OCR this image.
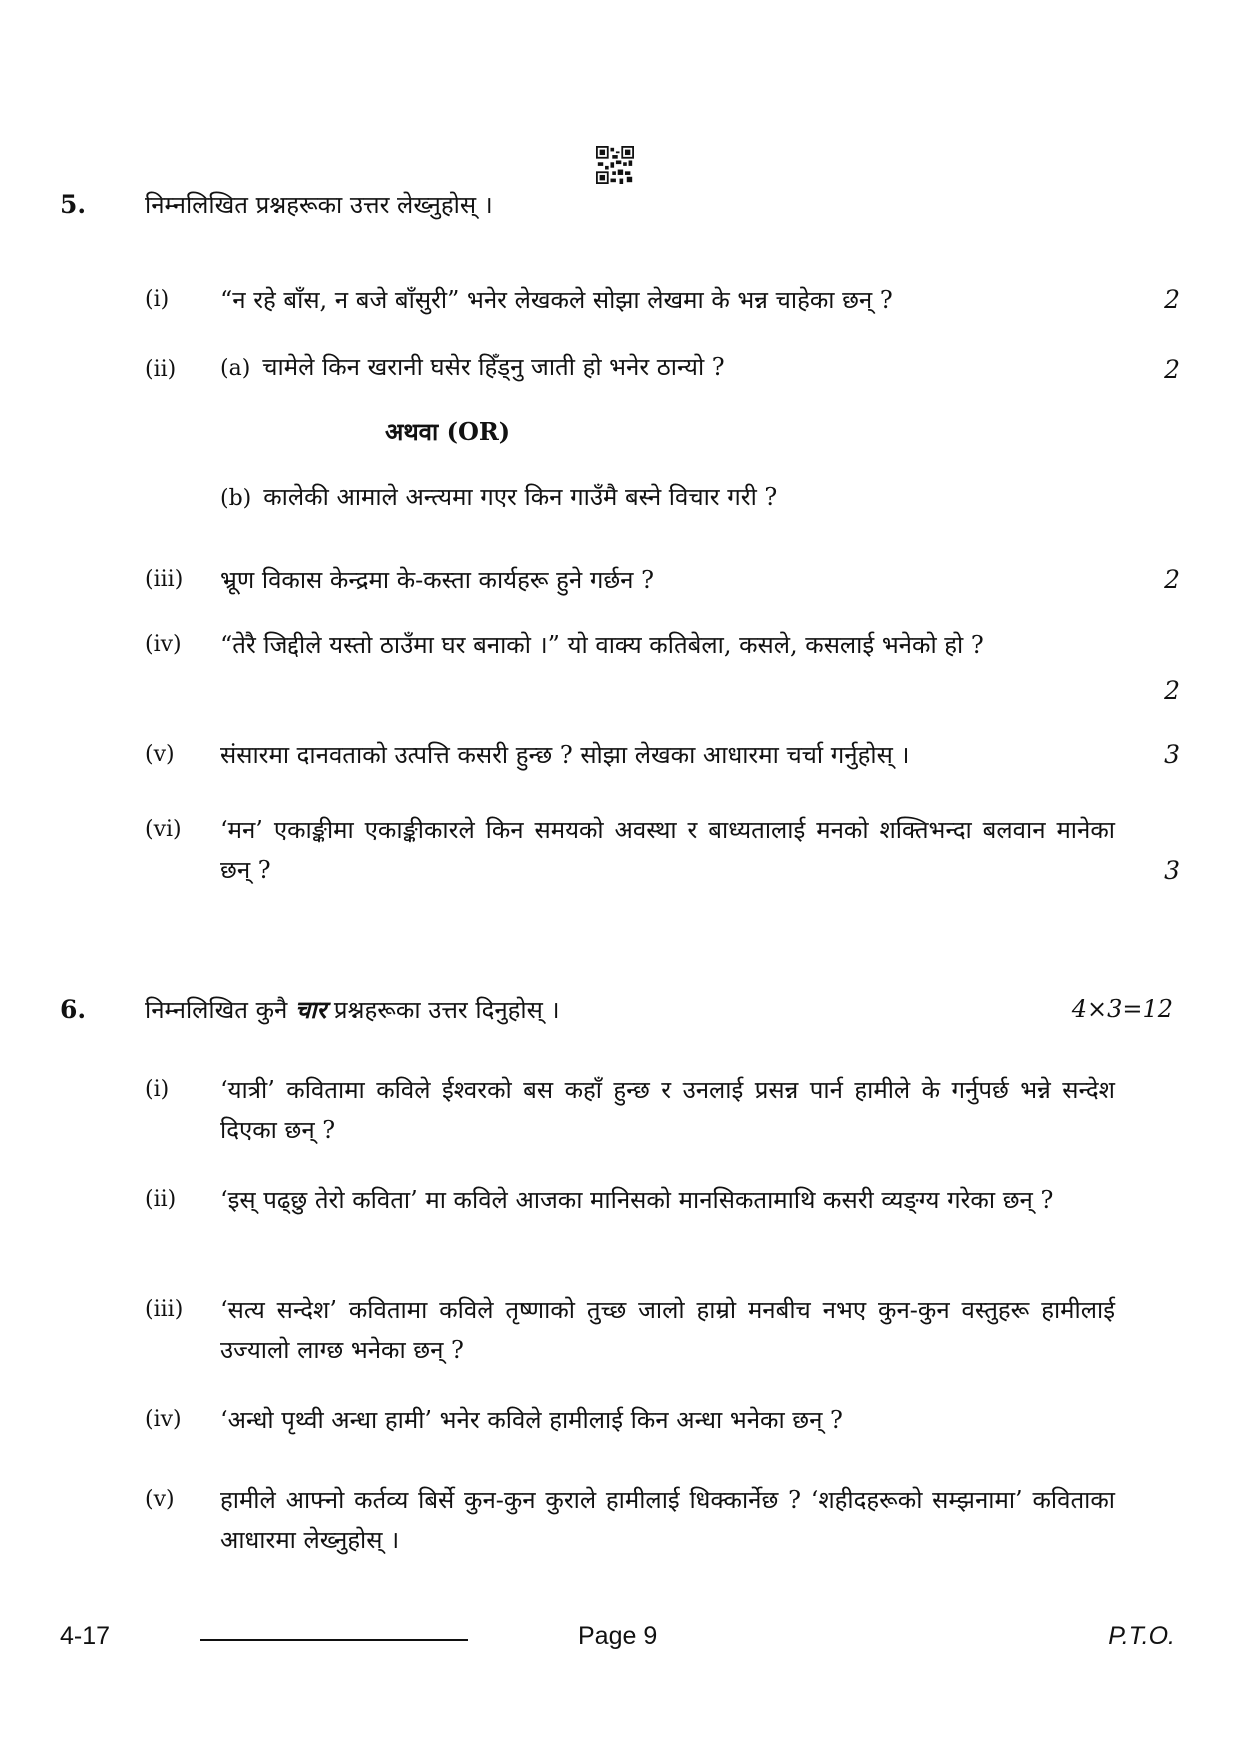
5. निम्नलिखित प्रश्नहरूका उत्तर लेख्नुहोस् ।
(i) “न रहे बाँस, न बजे बाँसुरी” भनेर लेखकले सोझा लेखमा के भन्न चाहेका छन् ?	2
(ii) (a) चामेले किन खरानी घसेर हिँड्नु जाती हो भनेर ठान्यो ?	2
अथवा (OR)
(b) कालेकी आमाले अन्त्यमा गएर किन गाउँमै बस्ने विचार गरी ?
(iii) भ्रूण विकास केन्द्रमा के-कस्ता कार्यहरू हुने गर्छन ?	2
(iv) “तेरै जिद्दीले यस्तो ठाउँमा घर बनाको ।” यो वाक्य कतिबेला, कसले, कसलाई भनेको हो ?
2
(v) संसारमा दानवताको उत्पत्ति कसरी हुन्छ ? सोझा लेखका आधारमा चर्चा गर्नुहोस् ।	3
(vi) ‘मन’ एकाङ्कीमा एकाङ्कीकारले किन समयको अवस्था र बाध्यतालाई मनको शक्तिभन्दा बलवान मानेका छन् ?	3
6. निम्नलिखित कुनै चार प्रश्नहरूका उत्तर दिनुहोस् ।	4×3=12
(i) ‘यात्री’ कवितामा कविले ईश्वरको बस कहाँ हुन्छ र उनलाई प्रसन्न पार्न हामीले के गर्नुपर्छ भन्ने सन्देश दिएका छन् ?
(ii) ‘इस् पढ्छु तेरो कविता’ मा कविले आजका मानिसको मानसिकतामाथि कसरी व्यङ्ग्य गरेका छन् ?
(iii) ‘सत्य सन्देश’ कवितामा कविले तृष्णाको तुच्छ जालो हाम्रो मनबीच नभए कुन-कुन वस्तुहरू हामीलाई उज्यालो लाग्छ भनेका छन् ?
(iv) ‘अन्धो पृथ्वी अन्धा हामी’ भनेर कविले हामीलाई किन अन्धा भनेका छन् ?
(v) हामीले आफ्नो कर्तव्य बिर्से कुन-कुन कुराले हामीलाई धिक्कार्नेछ ? ‘शहीदहरूको सम्झनामा’ कविताका आधारमा लेख्नुहोस् ।
4-17	Page 9	P.T.O.
